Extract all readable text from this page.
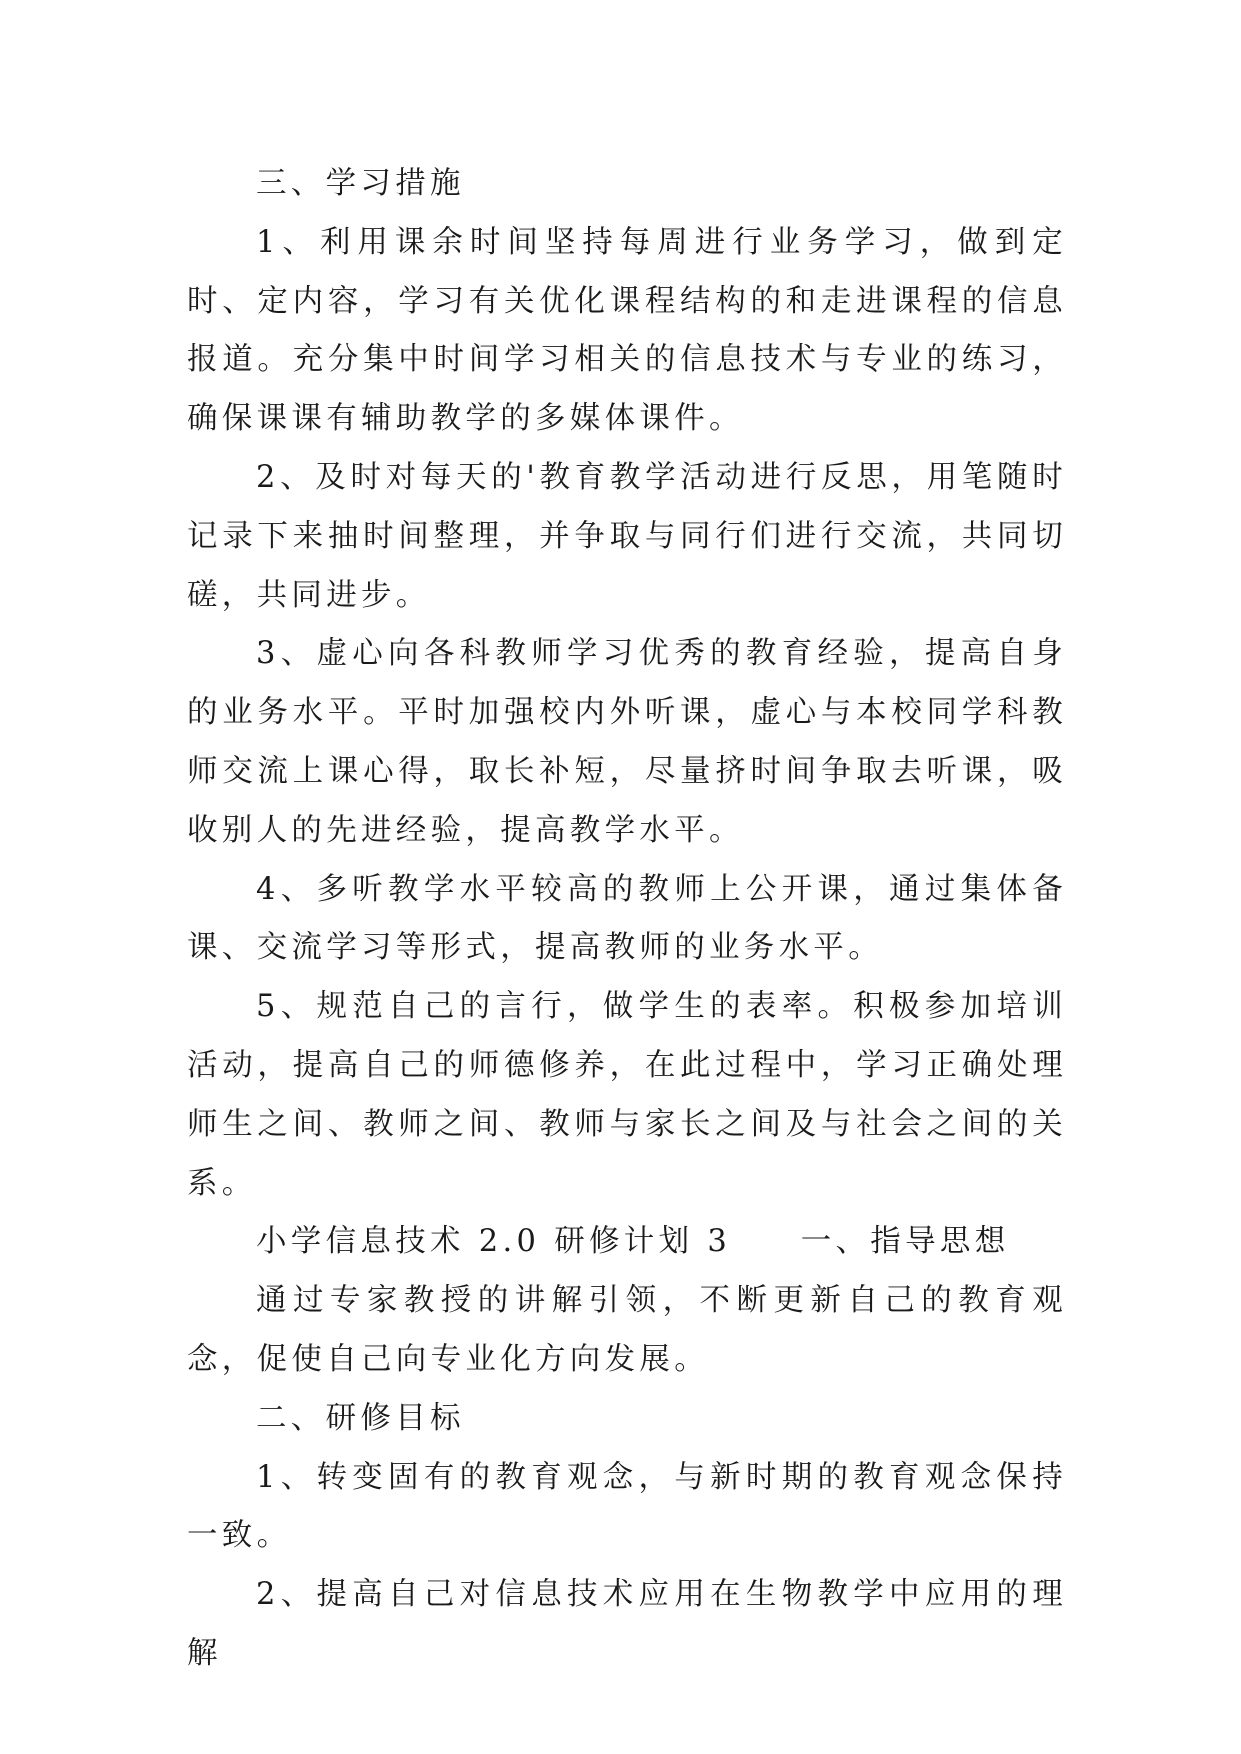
三、学习措施

1、利用课余时间坚持每周进行业务学习，做到定时、定内容，学习有关优化课程结构的和走进课程的信息报道。充分集中时间学习相关的信息技术与专业的练习，确保课课有辅助教学的多媒体课件。

2、及时对每天的'教育教学活动进行反思，用笔随时记录下来抽时间整理，并争取与同行们进行交流，共同切磋，共同进步。

3、虚心向各科教师学习优秀的教育经验，提高自身的业务水平。平时加强校内外听课，虚心与本校同学科教师交流上课心得，取长补短，尽量挤时间争取去听课，吸收别人的先进经验，提高教学水平。

4、多听教学水平较高的教师上公开课，通过集体备课、交流学习等形式，提高教师的业务水平。

5、规范自己的言行，做学生的表率。积极参加培训活动，提高自己的师德修养，在此过程中，学习正确处理师生之间、教师之间、教师与家长之间及与社会之间的关系。

小学信息技术 2.0 研修计划 3　　一、指导思想

通过专家教授的讲解引领，不断更新自己的教育观念，促使自己向专业化方向发展。

二、研修目标

1、转变固有的教育观念，与新时期的教育观念保持一致。

2、提高自己对信息技术应用在生物教学中应用的理解
